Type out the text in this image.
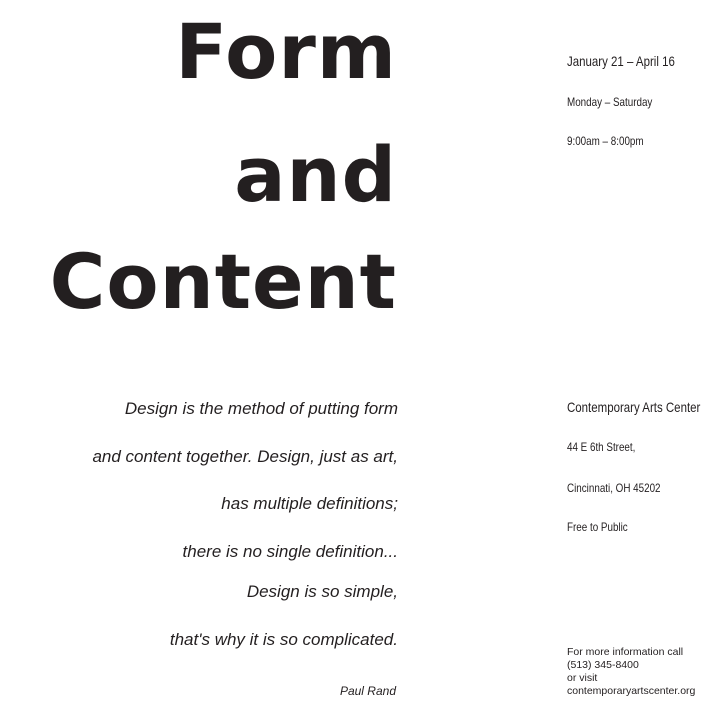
Form
and
Content
January 21 – April 16
Monday – Saturday
9:00am – 8:00pm
Design is the method of putting form
and content together. Design, just as art,
has multiple definitions;
there is no single definition...
Design is so simple,
that's why it is so complicated.
Paul Rand
Contemporary Arts Center
44 E 6th Street,
Cincinnati, OH 45202
Free to Public
For more information call
(513) 345-8400
or visit
contemporaryartscenter.org
